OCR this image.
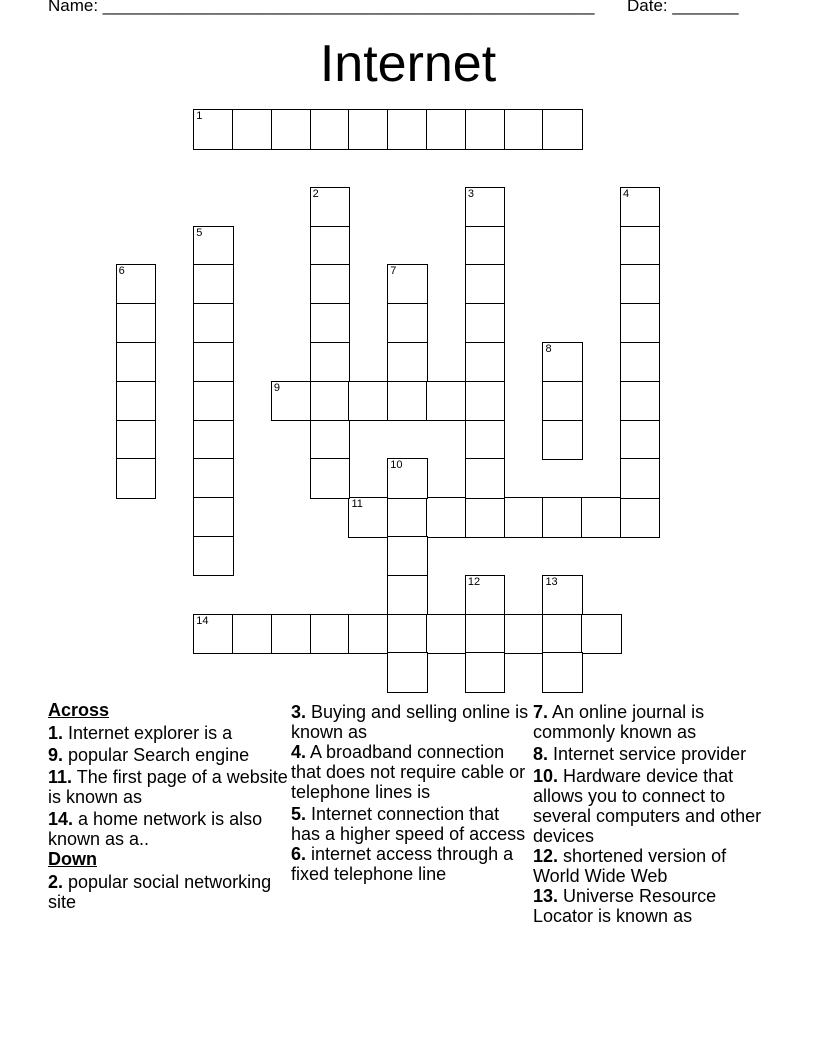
Name: ____________________________________________________ Date: _______
Internet
1
9
11
14
2	3	4
5
6	7
8
10
12	13
Across
1. Internet explorer is a
9. popular Search engine
11. The first page of a website is known as
14. a home network is also known as a..
Down
2. popular social networking site
3. Buying and selling online is known as
4. A broadband connection that does not require cable or telephone lines is
5. Internet connection that has a higher speed of access
6. internet access through a fixed telephone line
7. An online journal is commonly known as
8. Internet service provider
10. Hardware device that allows you to connect to several computers and other devices
12. shortened version of World Wide Web
13. Universe Resource Locator is known as
